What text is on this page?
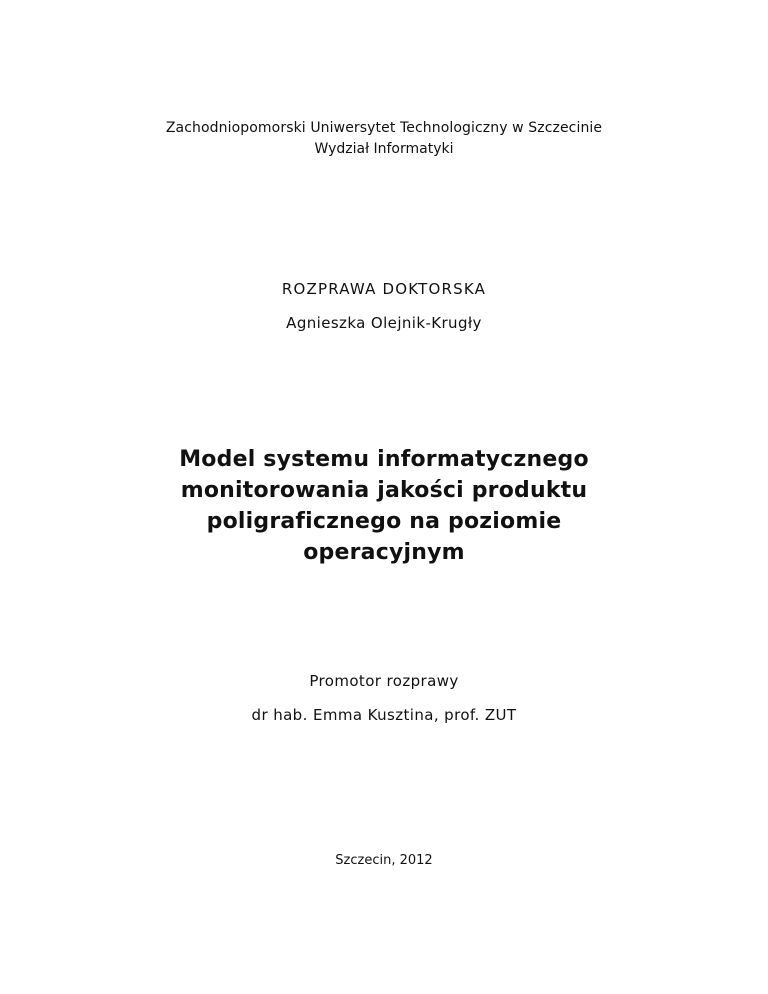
Zachodniopomorski Uniwersytet Technologiczny w Szczecinie
Wydział Informatyki
ROZPRAWA DOKTORSKA
Agnieszka Olejnik-Krugły
Model systemu informatycznego
monitorowania jakości produktu
poligraficznego na poziomie
operacyjnym
Promotor rozprawy
dr hab. Emma Kusztina, prof. ZUT
Szczecin, 2012
